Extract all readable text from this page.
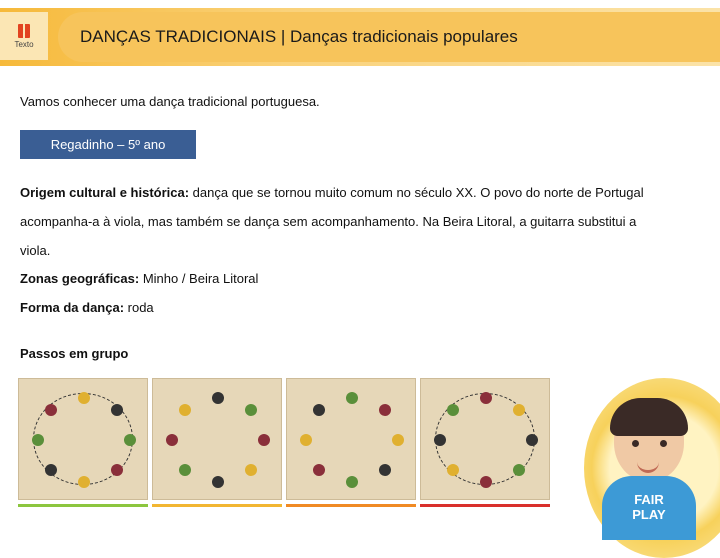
Texto	DANÇAS TRADICIONAIS | Danças tradicionais populares
Vamos conhecer uma dança tradicional portuguesa.
Regadinho – 5º ano
Origem cultural e histórica: dança que se tornou muito comum no século XX. O povo do norte de Portugal acompanha-a à viola, mas também se dança sem acompanhamento. Na Beira Litoral, a guitarra substitui a viola.
Zonas geográficas: Minho / Beira Litoral
Forma da dança: roda
Passos em grupo
FAIR
PLAY
